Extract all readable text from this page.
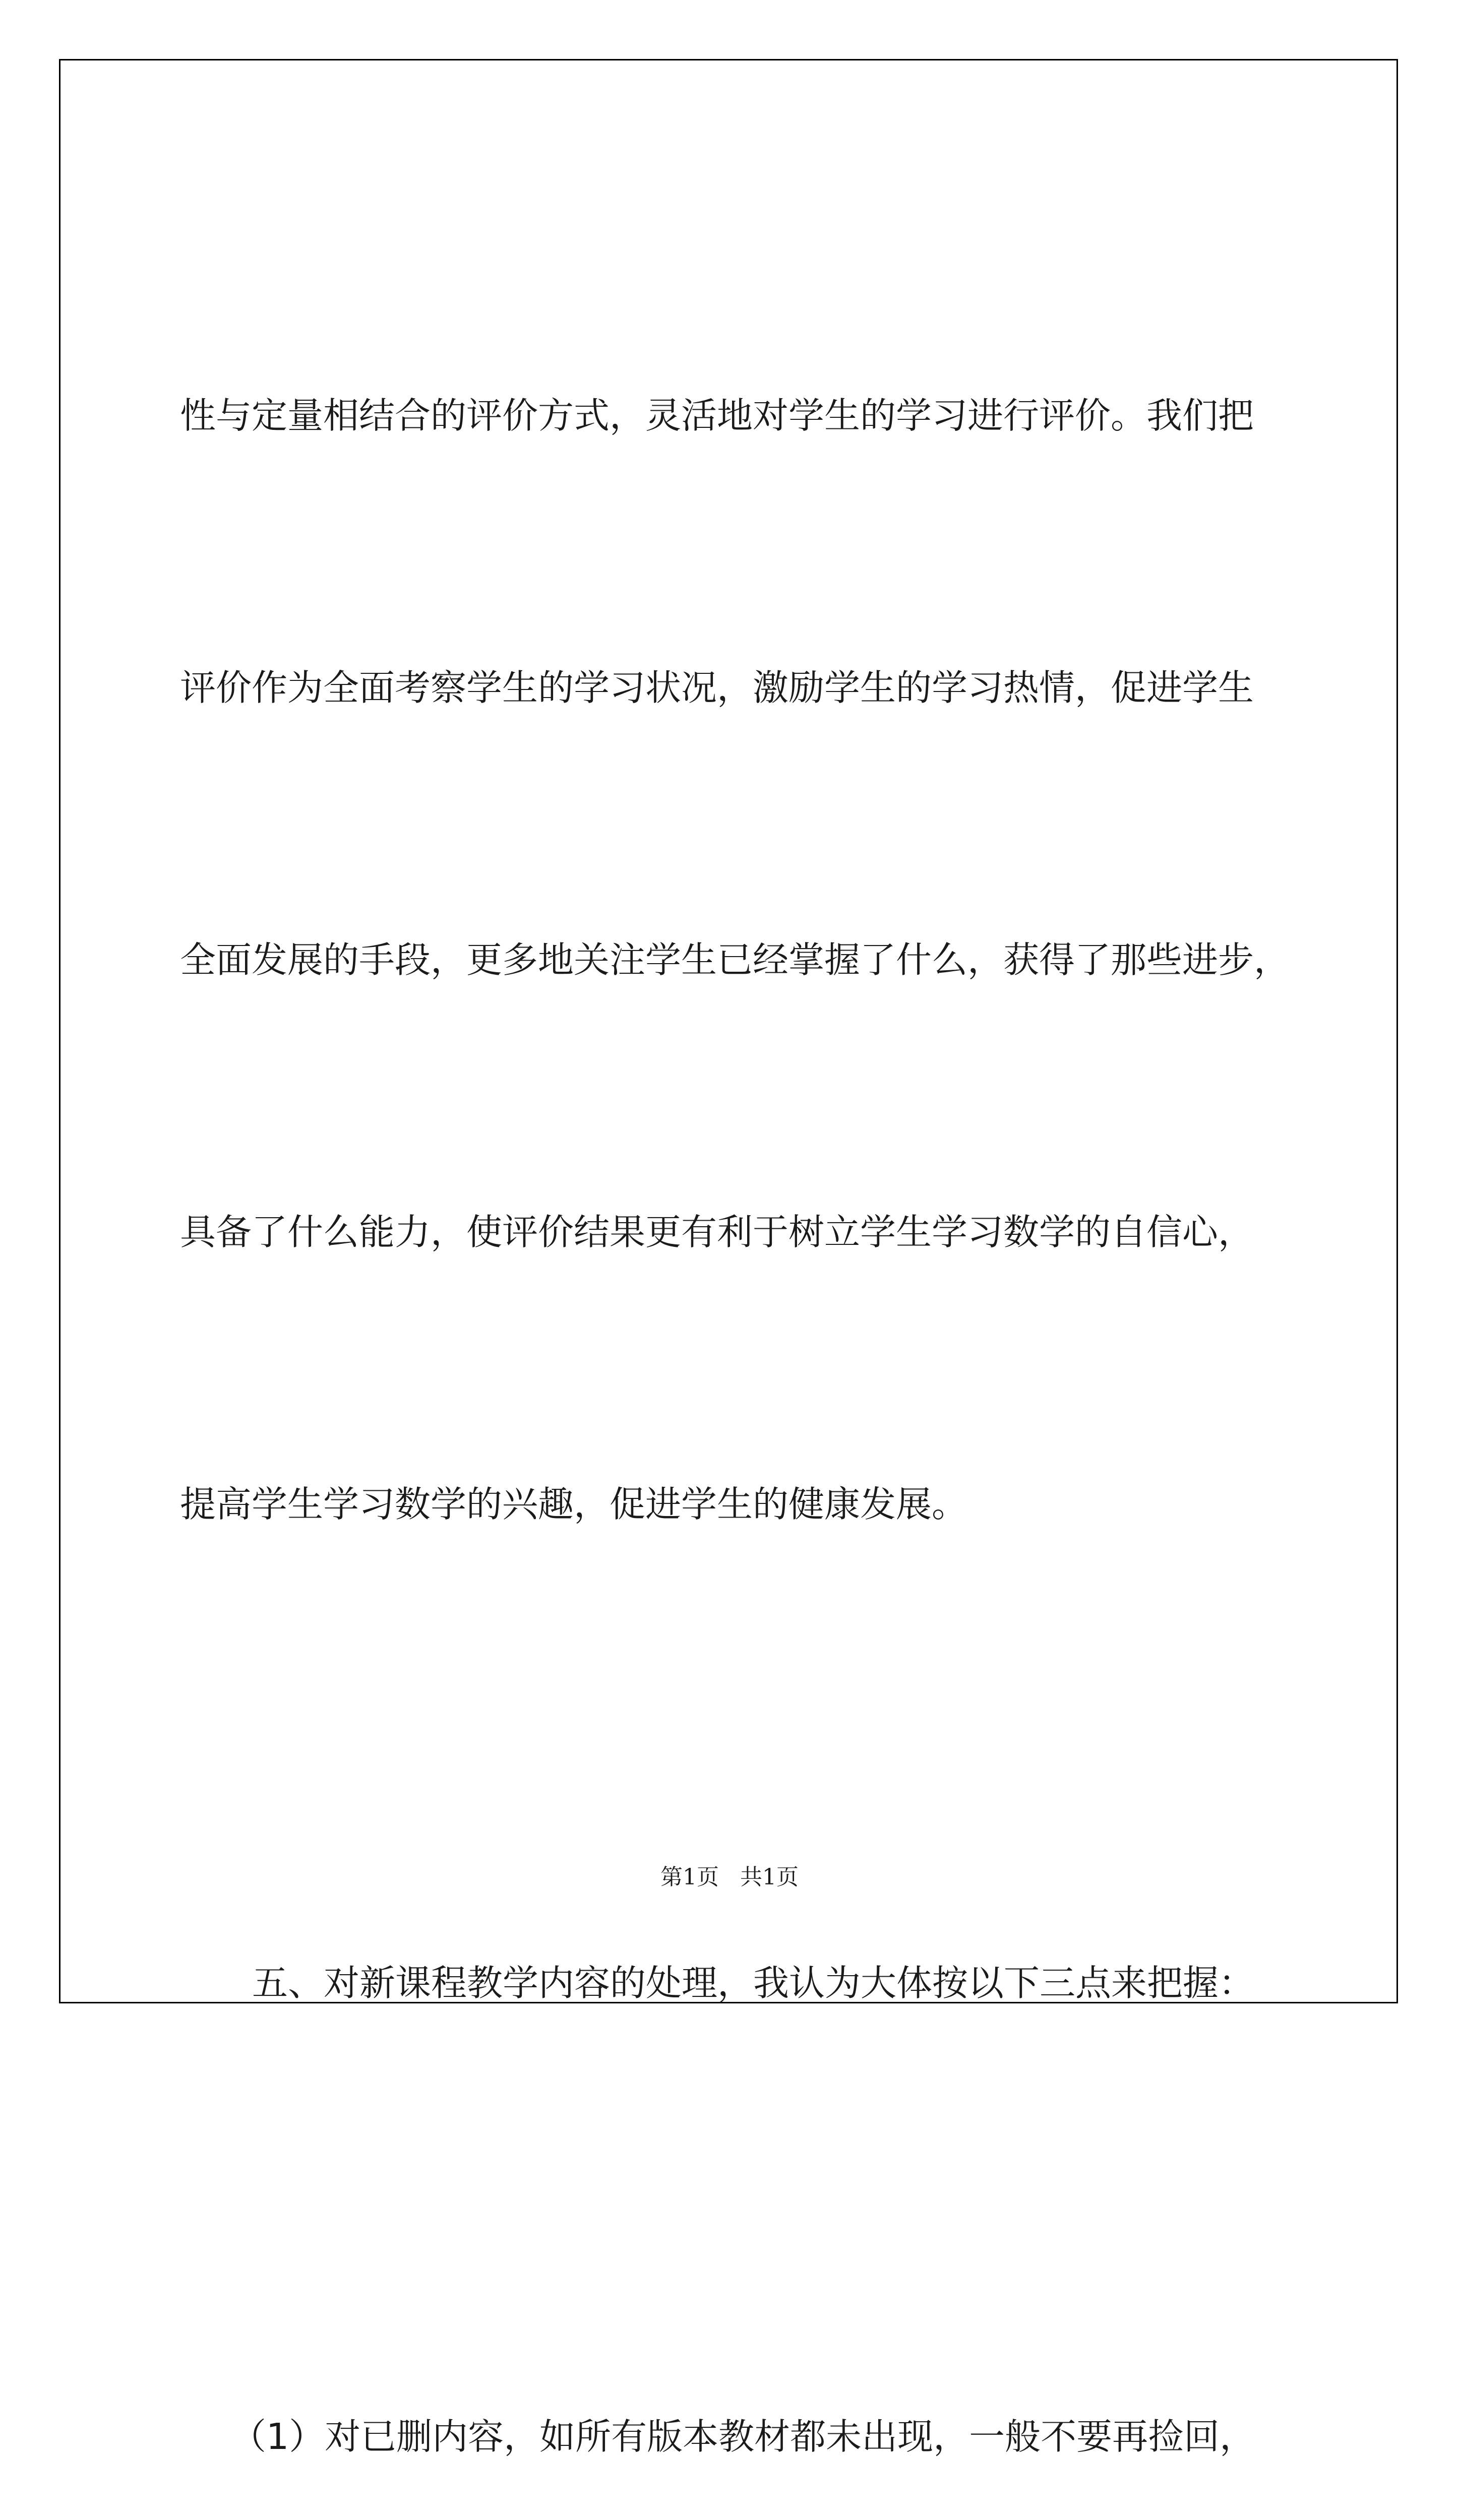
性与定量相结合的评价方式，灵活地对学生的学习进行评价。我们把

评价作为全面考察学生的学习状况，激励学生的学习热情，促进学生

全面发展的手段，更多地关注学生已经掌握了什么，获得了那些进步，

具备了什么能力，使评价结果更有利于树立学生学习数学的自信心，

提高学生学习数学的兴趣，促进学生的健康发展。

五、对新课程教学内容的处理，我认为大体按以下三点来把握：

（1）对已删内容，如所有版本教材都未出现，一般不要再捡回，

第1页 共1页
